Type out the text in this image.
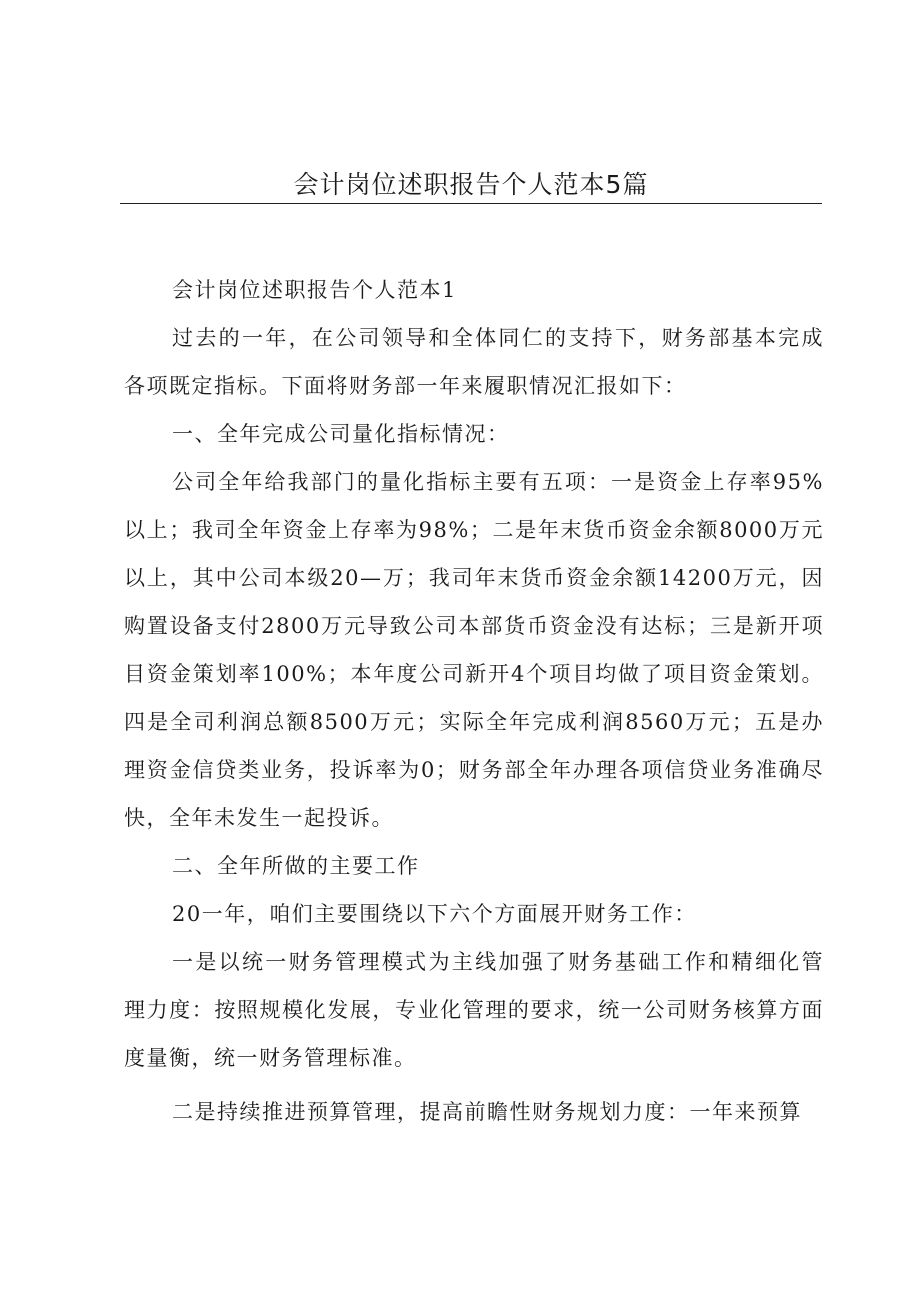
会计岗位述职报告个人范本5篇

会计岗位述职报告个人范本1

过去的一年，在公司领导和全体同仁的支持下，财务部基本完成各项既定指标。下面将财务部一年来履职情况汇报如下：

一、全年完成公司量化指标情况：

公司全年给我部门的量化指标主要有五项：一是资金上存率95%以上；我司全年资金上存率为98%；二是年末货币资金余额8000万元以上，其中公司本级20—万；我司年末货币资金余额14200万元，因购置设备支付2800万元导致公司本部货币资金没有达标；三是新开项目资金策划率100%；本年度公司新开4个项目均做了项目资金策划。四是全司利润总额8500万元；实际全年完成利润8560万元；五是办理资金信贷类业务，投诉率为0；财务部全年办理各项信贷业务准确尽快，全年未发生一起投诉。

二、全年所做的主要工作

20一年，咱们主要围绕以下六个方面展开财务工作：

一是以统一财务管理模式为主线加强了财务基础工作和精细化管理力度：按照规模化发展，专业化管理的要求，统一公司财务核算方面度量衡，统一财务管理标准。

二是持续推进预算管理，提高前瞻性财务规划力度：一年来预算
